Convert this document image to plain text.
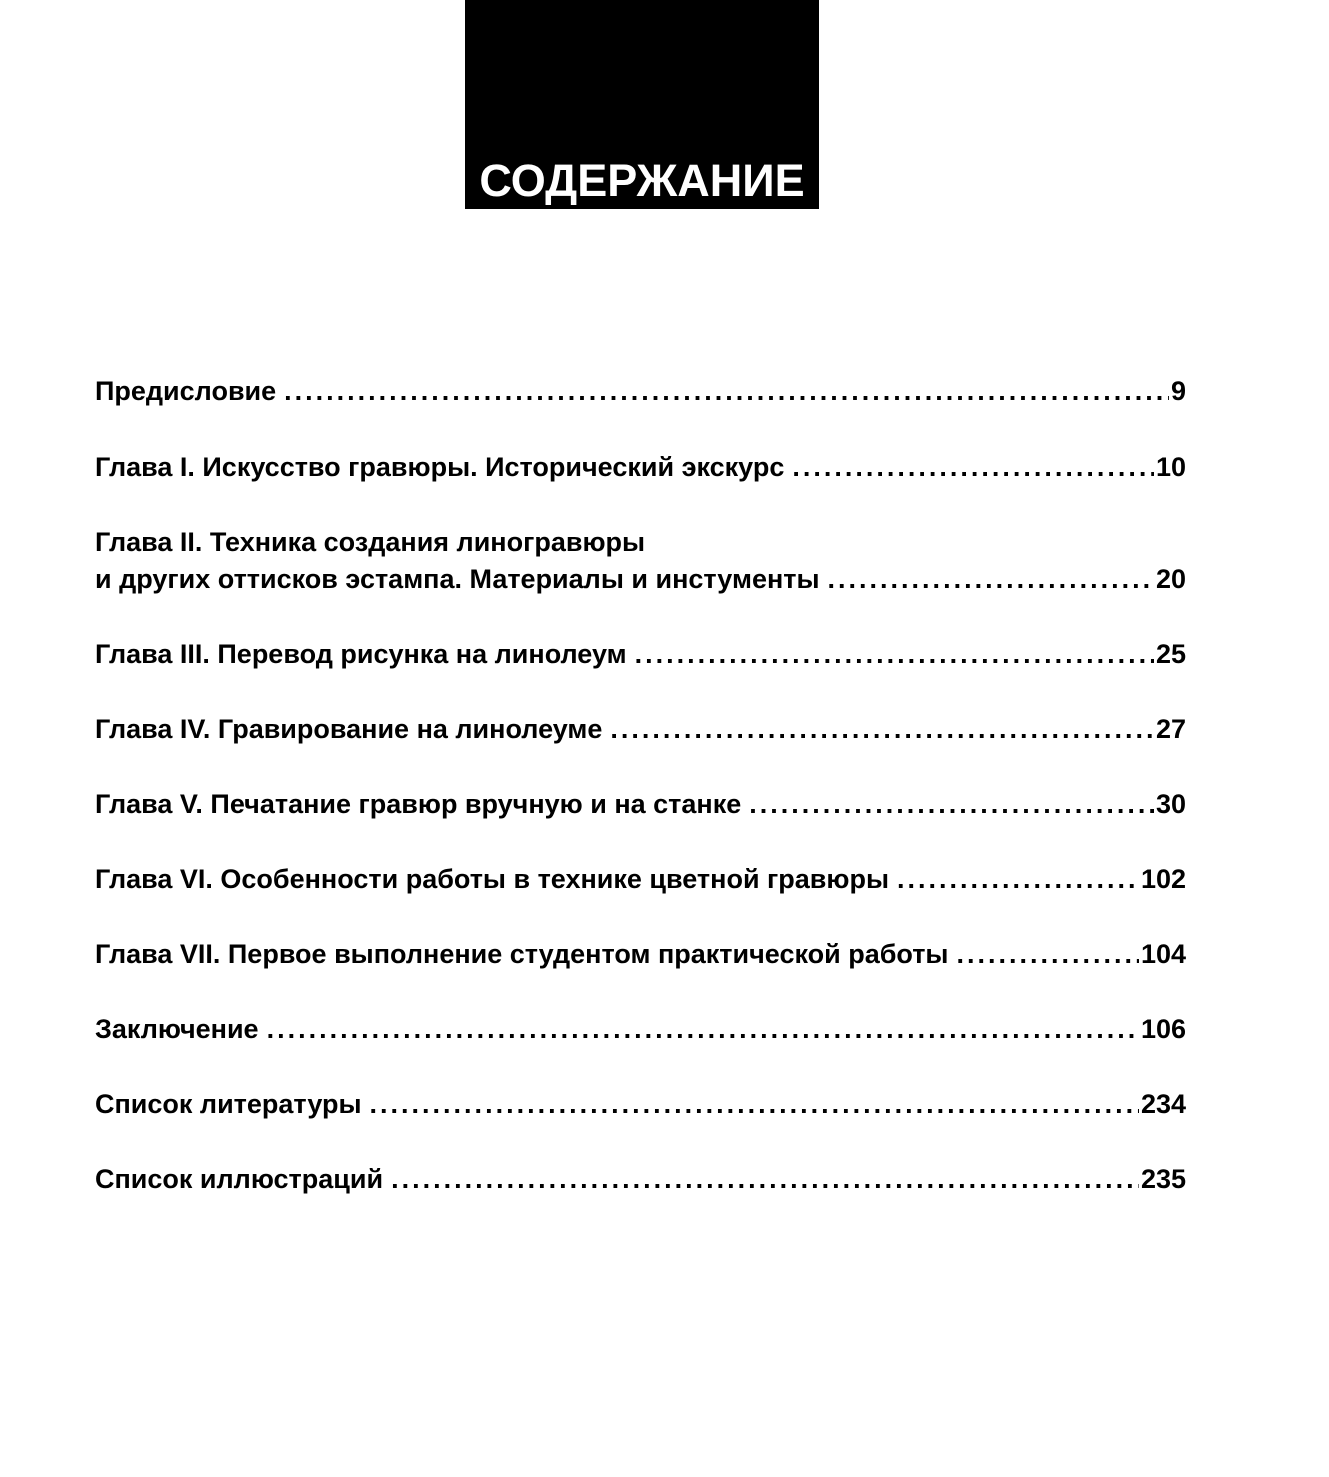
СОДЕРЖАНИЕ
Предисловие .....	9
Глава I. Искусство гравюры. Исторический экскурс .....	10
Глава II. Техника создания линогравюры
и других оттисков эстампа. Материалы и инстументы .....	20
Глава III. Перевод рисунка на линолеум .....	25
Глава IV. Гравирование на линолеуме .....	27
Глава V. Печатание гравюр вручную и на станке .....	30
Глава VI. Особенности работы в технике цветной гравюры .....	102
Глава VII. Первое выполнение студентом практической работы .....	104
Заключение .....	106
Список литературы .....	234
Список иллюстраций .....	235
